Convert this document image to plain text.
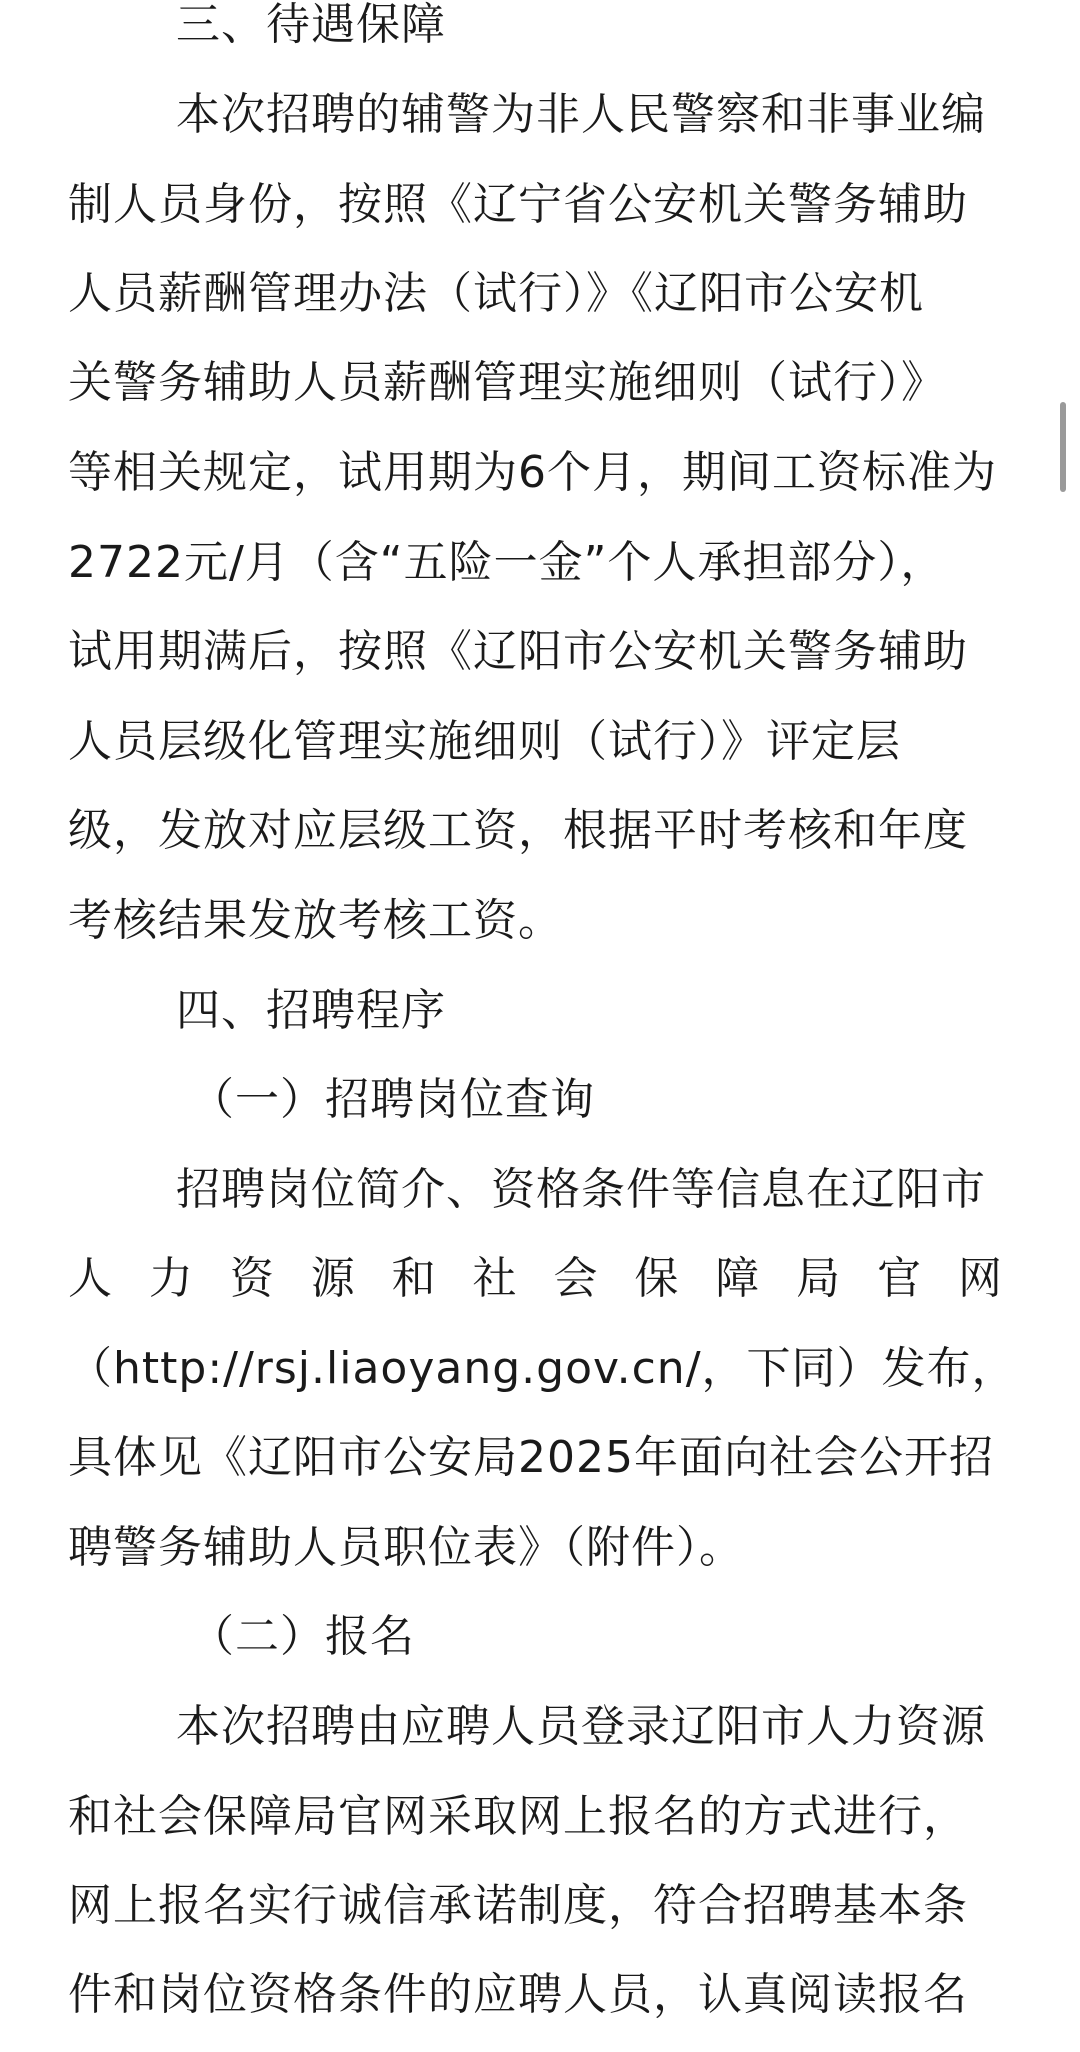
三、待遇保障
本次招聘的辅警为非人民警察和非事业编
制人员身份，按照《辽宁省公安机关警务辅助
人员薪酬管理办法（试行）》《辽阳市公安机
关警务辅助人员薪酬管理实施细则（试行）》
等相关规定，试用期为6个月，期间工资标准为
2722元/月（含“五险一金”个人承担部分），
试用期满后，按照《辽阳市公安机关警务辅助
人员层级化管理实施细则（试行）》评定层
级，发放对应层级工资，根据平时考核和年度
考核结果发放考核工资。
四、招聘程序
（一）招聘岗位查询
招聘岗位简介、资格条件等信息在辽阳市
人 力 资 源 和 社 会 保 障 局 官 网
（http://rsj.liaoyang.gov.cn/，下同）发布，
具体见《辽阳市公安局2025年面向社会公开招
聘警务辅助人员职位表》（附件）。
（二）报名
本次招聘由应聘人员登录辽阳市人力资源
和社会保障局官网采取网上报名的方式进行，
网上报名实行诚信承诺制度，符合招聘基本条
件和岗位资格条件的应聘人员，认真阅读报名
